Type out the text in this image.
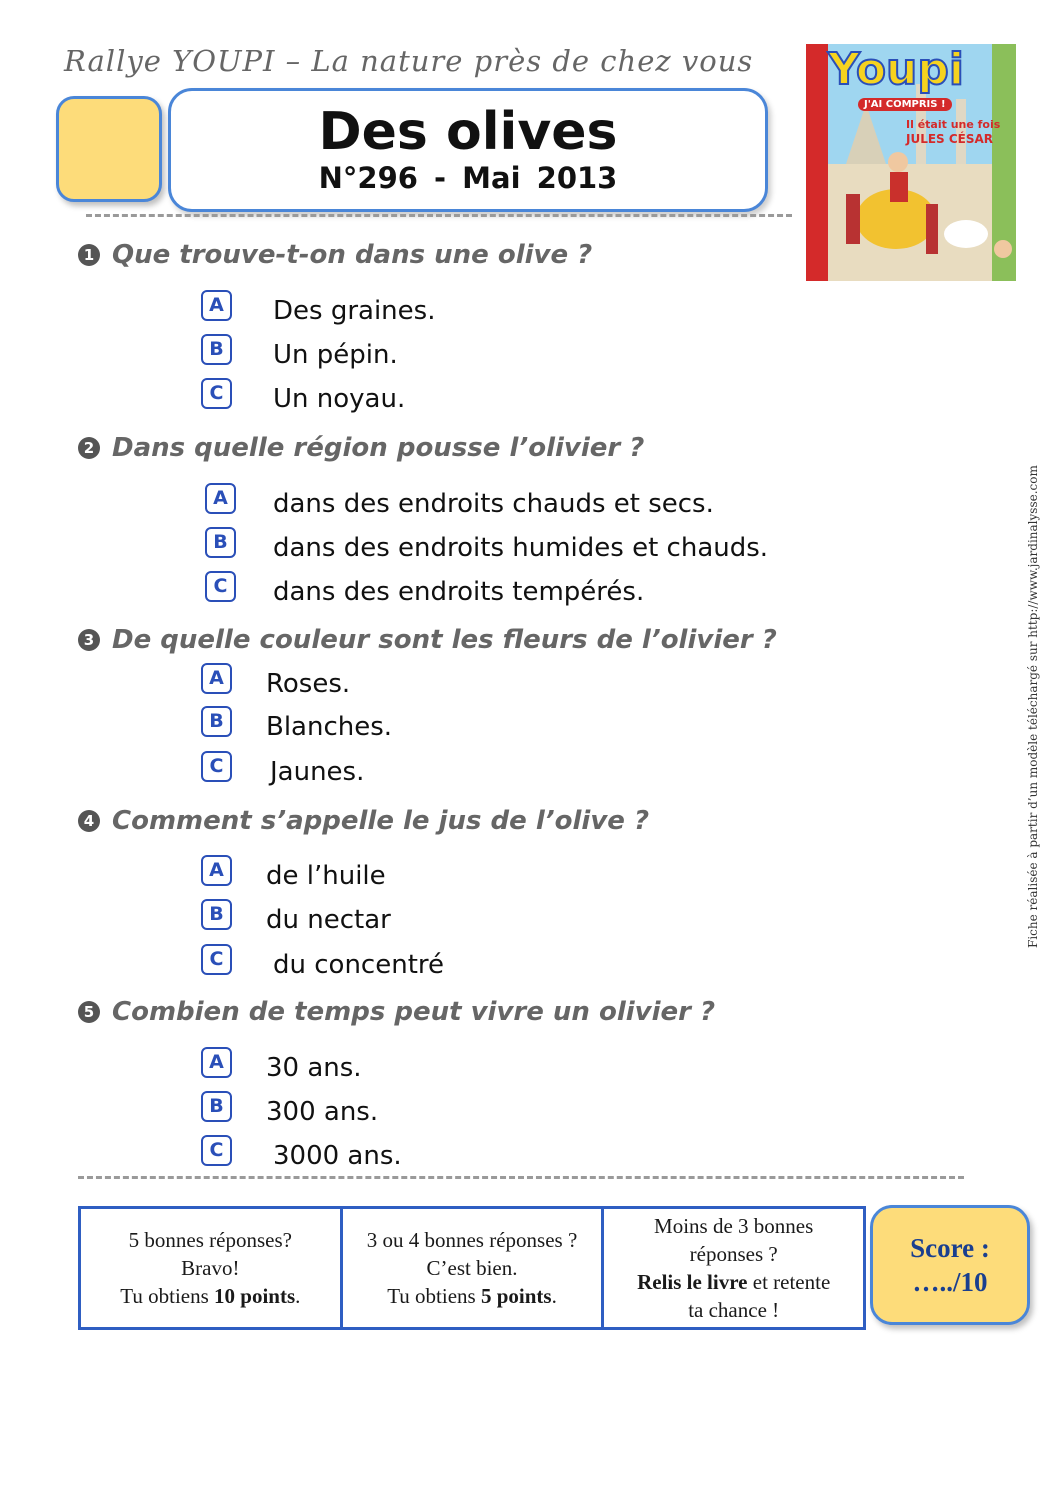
Rallye YOUPI – La nature près de chez vous
Des olives
N°296 - Mai 2013
Youpi
J'AI COMPRIS !
Il était une fois
JULES CÉSAR
1 Que trouve-t-on dans une olive ?
A	Des graines.
B	Un pépin.
C	Un noyau.
2 Dans quelle région pousse l’olivier ?
A	dans des endroits chauds et secs.
B	dans des endroits humides et chauds.
C	dans des endroits tempérés.
3 De quelle couleur sont les fleurs de l’olivier ?
A	Roses.
B	Blanches.
C	Jaunes.
4 Comment s’appelle le jus de l’olive ?
A	de l’huile
B	du nectar
C	du concentré
5 Combien de temps peut vivre un olivier ?
A	30 ans.
B	300 ans.
C	3000 ans.
Fiche réalisée à partir d’un modèle téléchargé sur http://www.jardinalysse.com
5 bonnes réponses?
Bravo!
Tu obtiens 10 points.
3 ou 4 bonnes réponses ?
C’est bien.
Tu obtiens 5 points.
Moins de 3 bonnes
réponses ?
Relis le livre et retente
ta chance !
Score :
…../10
